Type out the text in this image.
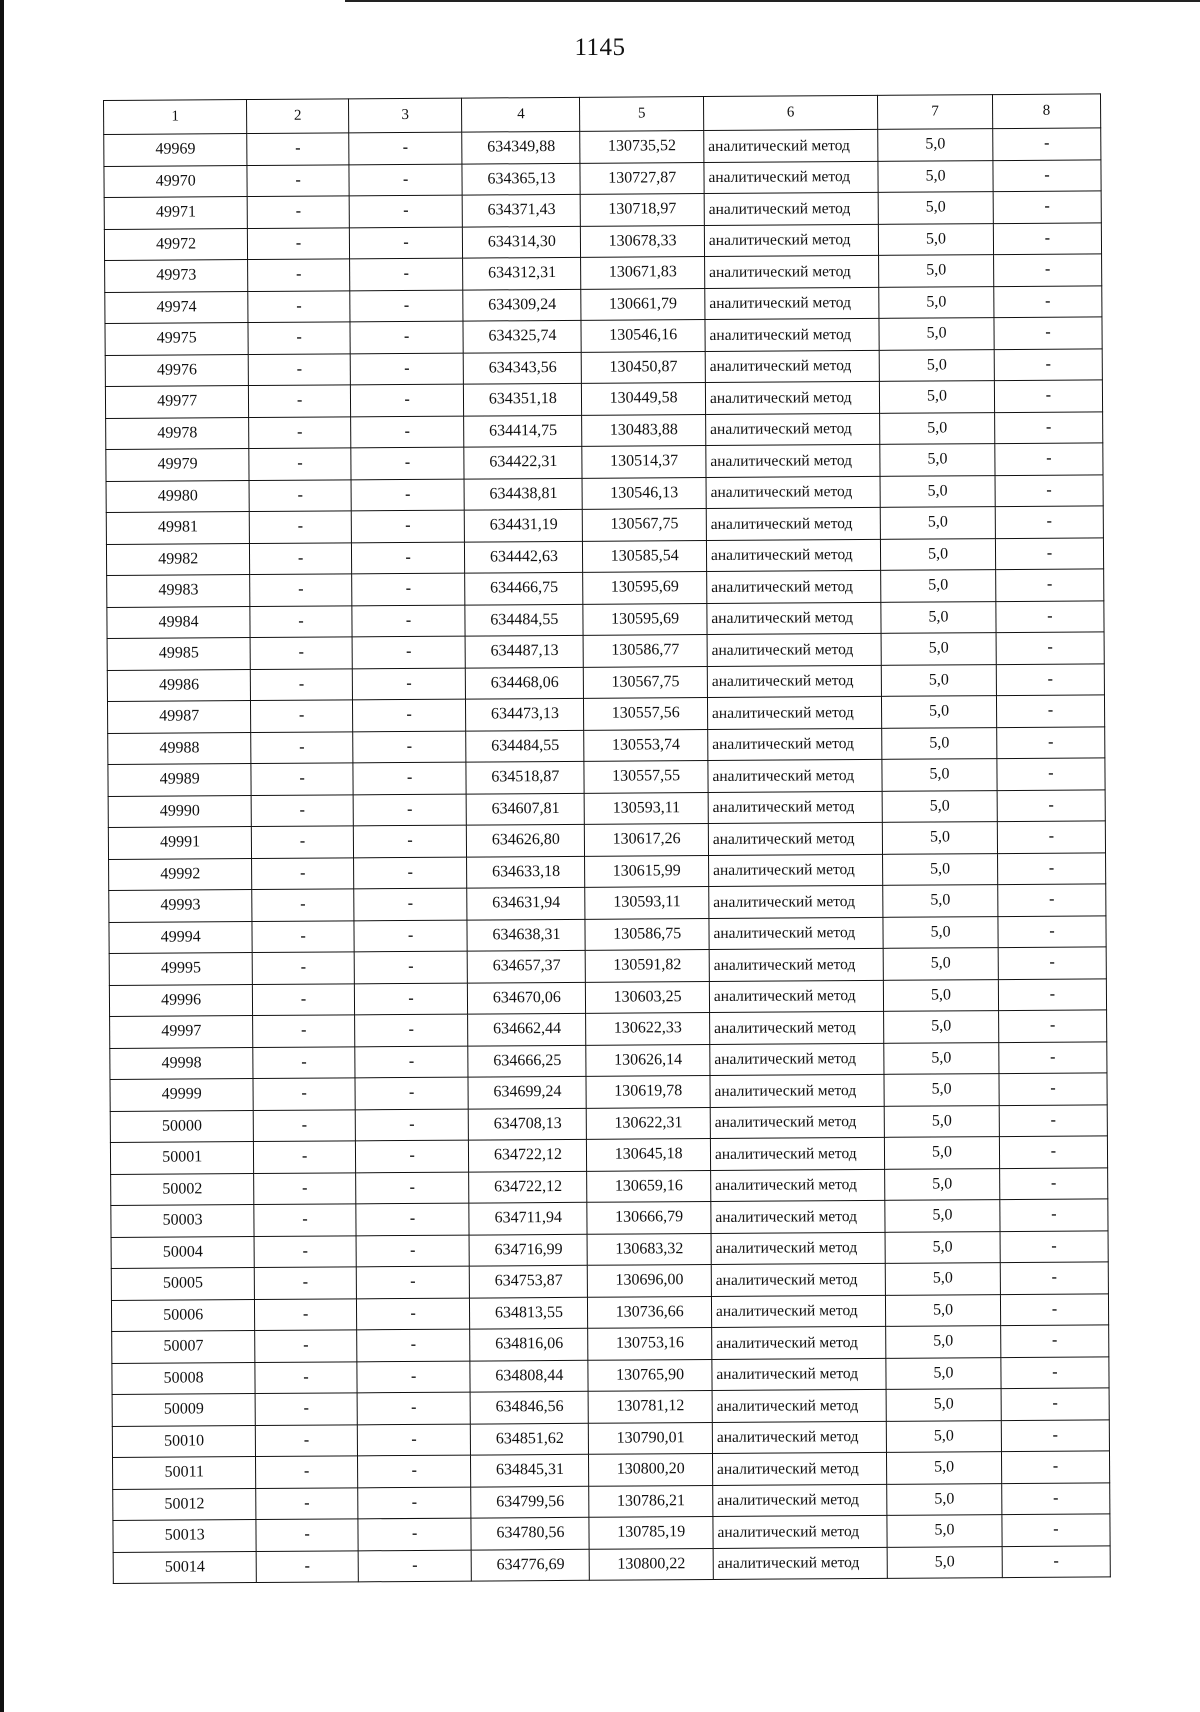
1145
1	2	3	4	5	6	7	8
49969	-	-	634349,88	130735,52	аналитический метод	5,0	-
49970	-	-	634365,13	130727,87	аналитический метод	5,0	-
49971	-	-	634371,43	130718,97	аналитический метод	5,0	-
49972	-	-	634314,30	130678,33	аналитический метод	5,0	-
49973	-	-	634312,31	130671,83	аналитический метод	5,0	-
49974	-	-	634309,24	130661,79	аналитический метод	5,0	-
49975	-	-	634325,74	130546,16	аналитический метод	5,0	-
49976	-	-	634343,56	130450,87	аналитический метод	5,0	-
49977	-	-	634351,18	130449,58	аналитический метод	5,0	-
49978	-	-	634414,75	130483,88	аналитический метод	5,0	-
49979	-	-	634422,31	130514,37	аналитический метод	5,0	-
49980	-	-	634438,81	130546,13	аналитический метод	5,0	-
49981	-	-	634431,19	130567,75	аналитический метод	5,0	-
49982	-	-	634442,63	130585,54	аналитический метод	5,0	-
49983	-	-	634466,75	130595,69	аналитический метод	5,0	-
49984	-	-	634484,55	130595,69	аналитический метод	5,0	-
49985	-	-	634487,13	130586,77	аналитический метод	5,0	-
49986	-	-	634468,06	130567,75	аналитический метод	5,0	-
49987	-	-	634473,13	130557,56	аналитический метод	5,0	-
49988	-	-	634484,55	130553,74	аналитический метод	5,0	-
49989	-	-	634518,87	130557,55	аналитический метод	5,0	-
49990	-	-	634607,81	130593,11	аналитический метод	5,0	-
49991	-	-	634626,80	130617,26	аналитический метод	5,0	-
49992	-	-	634633,18	130615,99	аналитический метод	5,0	-
49993	-	-	634631,94	130593,11	аналитический метод	5,0	-
49994	-	-	634638,31	130586,75	аналитический метод	5,0	-
49995	-	-	634657,37	130591,82	аналитический метод	5,0	-
49996	-	-	634670,06	130603,25	аналитический метод	5,0	-
49997	-	-	634662,44	130622,33	аналитический метод	5,0	-
49998	-	-	634666,25	130626,14	аналитический метод	5,0	-
49999	-	-	634699,24	130619,78	аналитический метод	5,0	-
50000	-	-	634708,13	130622,31	аналитический метод	5,0	-
50001	-	-	634722,12	130645,18	аналитический метод	5,0	-
50002	-	-	634722,12	130659,16	аналитический метод	5,0	-
50003	-	-	634711,94	130666,79	аналитический метод	5,0	-
50004	-	-	634716,99	130683,32	аналитический метод	5,0	-
50005	-	-	634753,87	130696,00	аналитический метод	5,0	-
50006	-	-	634813,55	130736,66	аналитический метод	5,0	-
50007	-	-	634816,06	130753,16	аналитический метод	5,0	-
50008	-	-	634808,44	130765,90	аналитический метод	5,0	-
50009	-	-	634846,56	130781,12	аналитический метод	5,0	-
50010	-	-	634851,62	130790,01	аналитический метод	5,0	-
50011	-	-	634845,31	130800,20	аналитический метод	5,0	-
50012	-	-	634799,56	130786,21	аналитический метод	5,0	-
50013	-	-	634780,56	130785,19	аналитический метод	5,0	-
50014	-	-	634776,69	130800,22	аналитический метод	5,0	-
